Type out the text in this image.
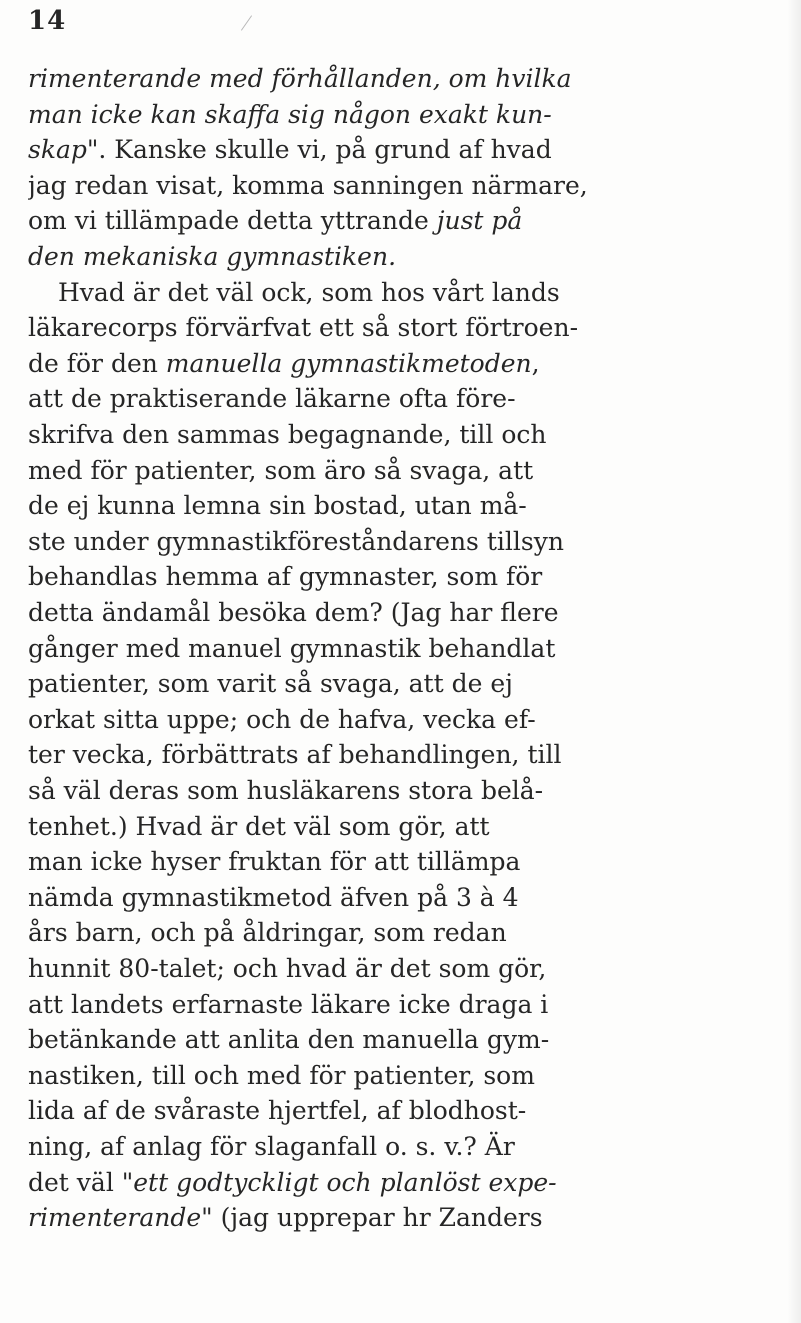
14
rimenterande med förhållanden, om hvilka
man icke kan skaffa sig någon exakt kun-
skap". Kanske skulle vi, på grund af hvad
jag redan visat, komma sanningen närmare,
om vi tillämpade detta yttrande just på
den mekaniska gymnastiken.
Hvad är det väl ock, som hos vårt lands
läkarecorps förvärfvat ett så stort förtroen-
de för den manuella gymnastikmetoden,
att de praktiserande läkarne ofta före-
skrifva den sammas begagnande, till och
med för patienter, som äro så svaga, att
de ej kunna lemna sin bostad, utan må-
ste under gymnastikföreståndarens tillsyn
behandlas hemma af gymnaster, som för
detta ändamål besöka dem? (Jag har flere
gånger med manuel gymnastik behandlat
patienter, som varit så svaga, att de ej
orkat sitta uppe; och de hafva, vecka ef-
ter vecka, förbättrats af behandlingen, till
så väl deras som husläkarens stora belå-
tenhet.) Hvad är det väl som gör, att
man icke hyser fruktan för att tillämpa
nämda gymnastikmetod äfven på 3 à 4
års barn, och på åldringar, som redan
hunnit 80-talet; och hvad är det som gör,
att landets erfarnaste läkare icke draga i
betänkande att anlita den manuella gym-
nastiken, till och med för patienter, som
lida af de svåraste hjertfel, af blodhost-
ning, af anlag för slaganfall o. s. v.? Är
det väl "ett godtyckligt och planlöst expe-
rimenterande" (jag upprepar hr Zanders
